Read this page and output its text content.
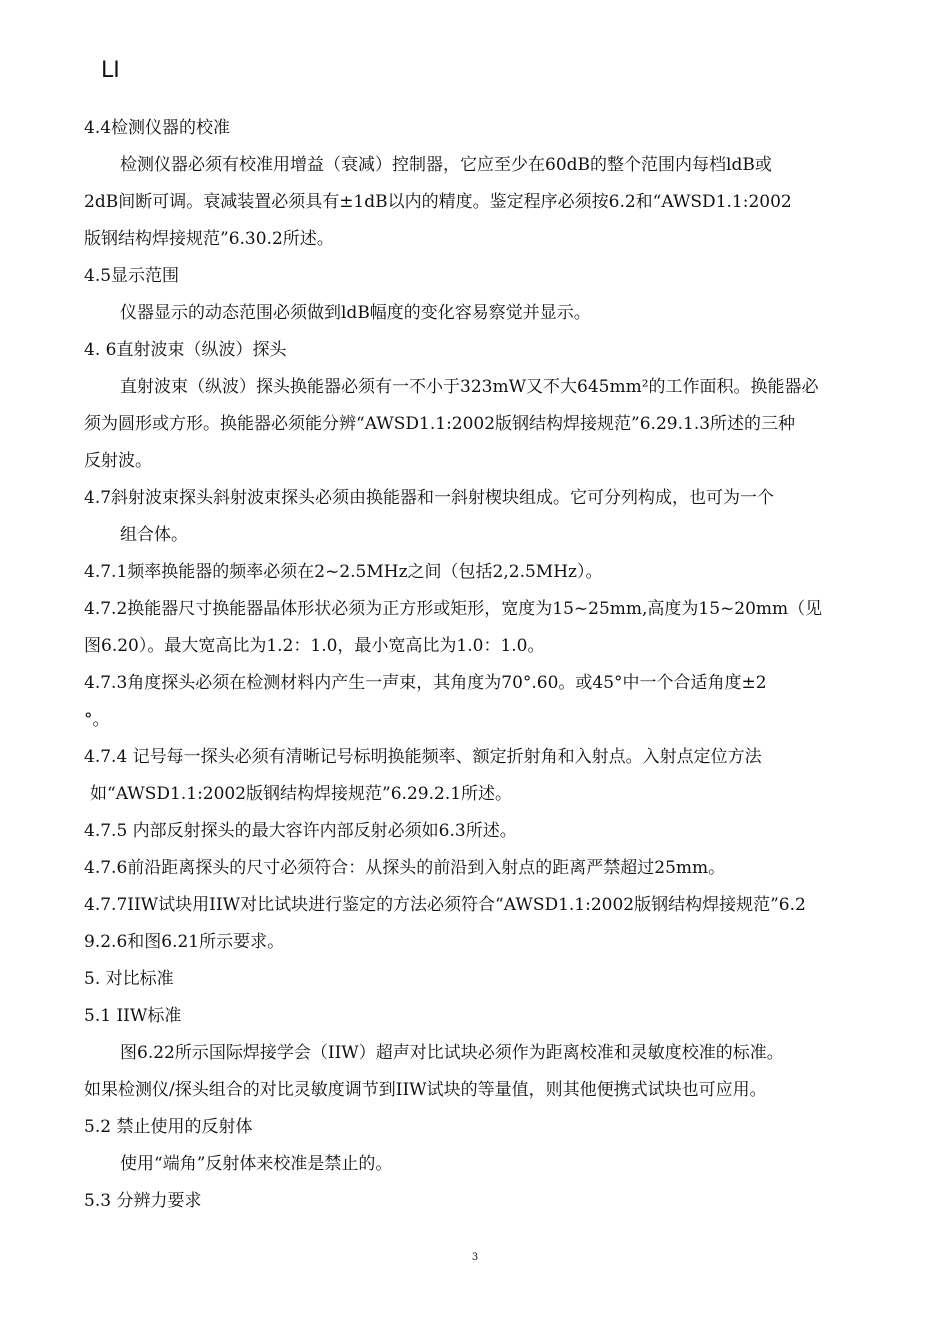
LI
4.4检测仪器的校准
检测仪器必须有校准用增益（衰减）控制器，它应至少在60dB的整个范围内每档ldB或
2dB间断可调。衰减装置必须具有±1dB以内的精度。鉴定程序必须按6.2和“AWSD1.1:2002
版钢结构焊接规范”6.30.2所述。
4.5显示范围
仪器显示的动态范围必须做到ldB幅度的变化容易察觉并显示。
4. 6直射波束（纵波）探头
直射波束（纵波）探头换能器必须有一不小于323mW又不大645mm²的工作面积。换能器必
须为圆形或方形。换能器必须能分辨“AWSD1.1:2002版钢结构焊接规范”6.29.1.3所述的三种
反射波。
4.7斜射波束探头斜射波束探头必须由换能器和一斜射楔块组成。它可分列构成，也可为一个
组合体。
4.7.1频率换能器的频率必须在2~2.5MHz之间（包括2,2.5MHz）。
4.7.2换能器尺寸换能器晶体形状必须为正方形或矩形，宽度为15~25mm,高度为15~20mm（见
图6.20）。最大宽高比为1.2：1.0，最小宽高比为1.0：1.0。
4.7.3角度探头必须在检测材料内产生一声束，其角度为70°.60。或45°中一个合适角度±2
°。
4.7.4 记号每一探头必须有清晰记号标明换能频率、额定折射角和入射点。入射点定位方法
如“AWSD1.1:2002版钢结构焊接规范”6.29.2.1所述。
4.7.5 内部反射探头的最大容许内部反射必须如6.3所述。
4.7.6前沿距离探头的尺寸必须符合：从探头的前沿到入射点的距离严禁超过25mm。
4.7.7IIW试块用IIW对比试块进行鉴定的方法必须符合“AWSD1.1:2002版钢结构焊接规范”6.2
9.2.6和图6.21所示要求。
5. 对比标准
5.1 IIW标准
图6.22所示国际焊接学会（IIW）超声对比试块必须作为距离校准和灵敏度校准的标准。
如果检测仪/探头组合的对比灵敏度调节到IIW试块的等量值，则其他便携式试块也可应用。
5.2 禁止使用的反射体
使用“端角”反射体来校准是禁止的。
5.3 分辨力要求
3
